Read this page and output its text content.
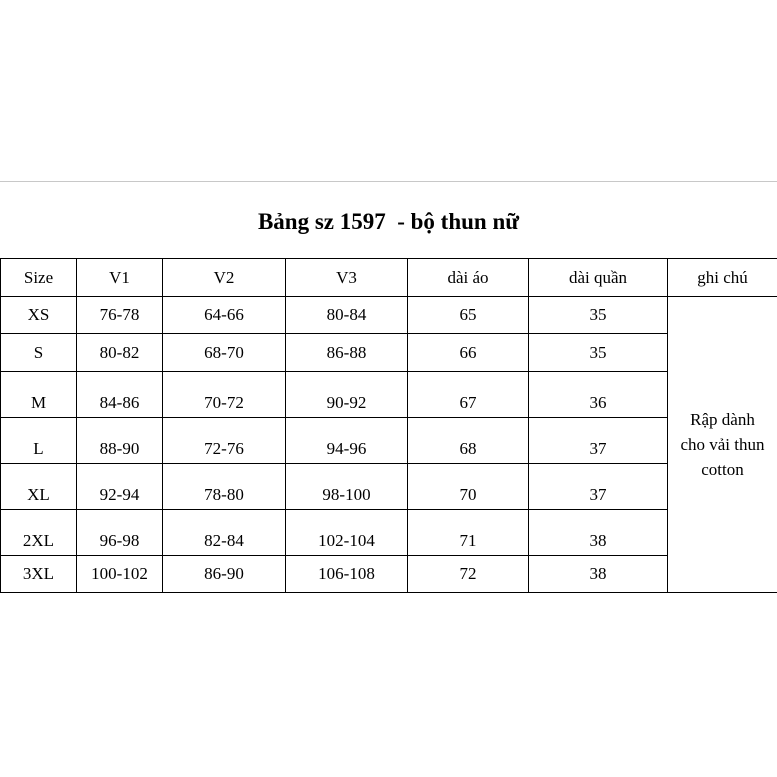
Bảng sz 1597  - bộ thun nữ
Size	V1	V2	V3	dài áo	dài quần	ghi chú
XS	76-78	64-66	80-84	65	35	Rập dành
cho vải thun
cotton

S	80-82	68-70	86-88	66	35	
M	84-86	70-72	90-92	67	36	
L	88-90	72-76	94-96	68	37	
XL	92-94	78-80	98-100	70	37	
2XL	96-98	82-84	102-104	71	38	
3XL	100-102	86-90	106-108	72	38	
